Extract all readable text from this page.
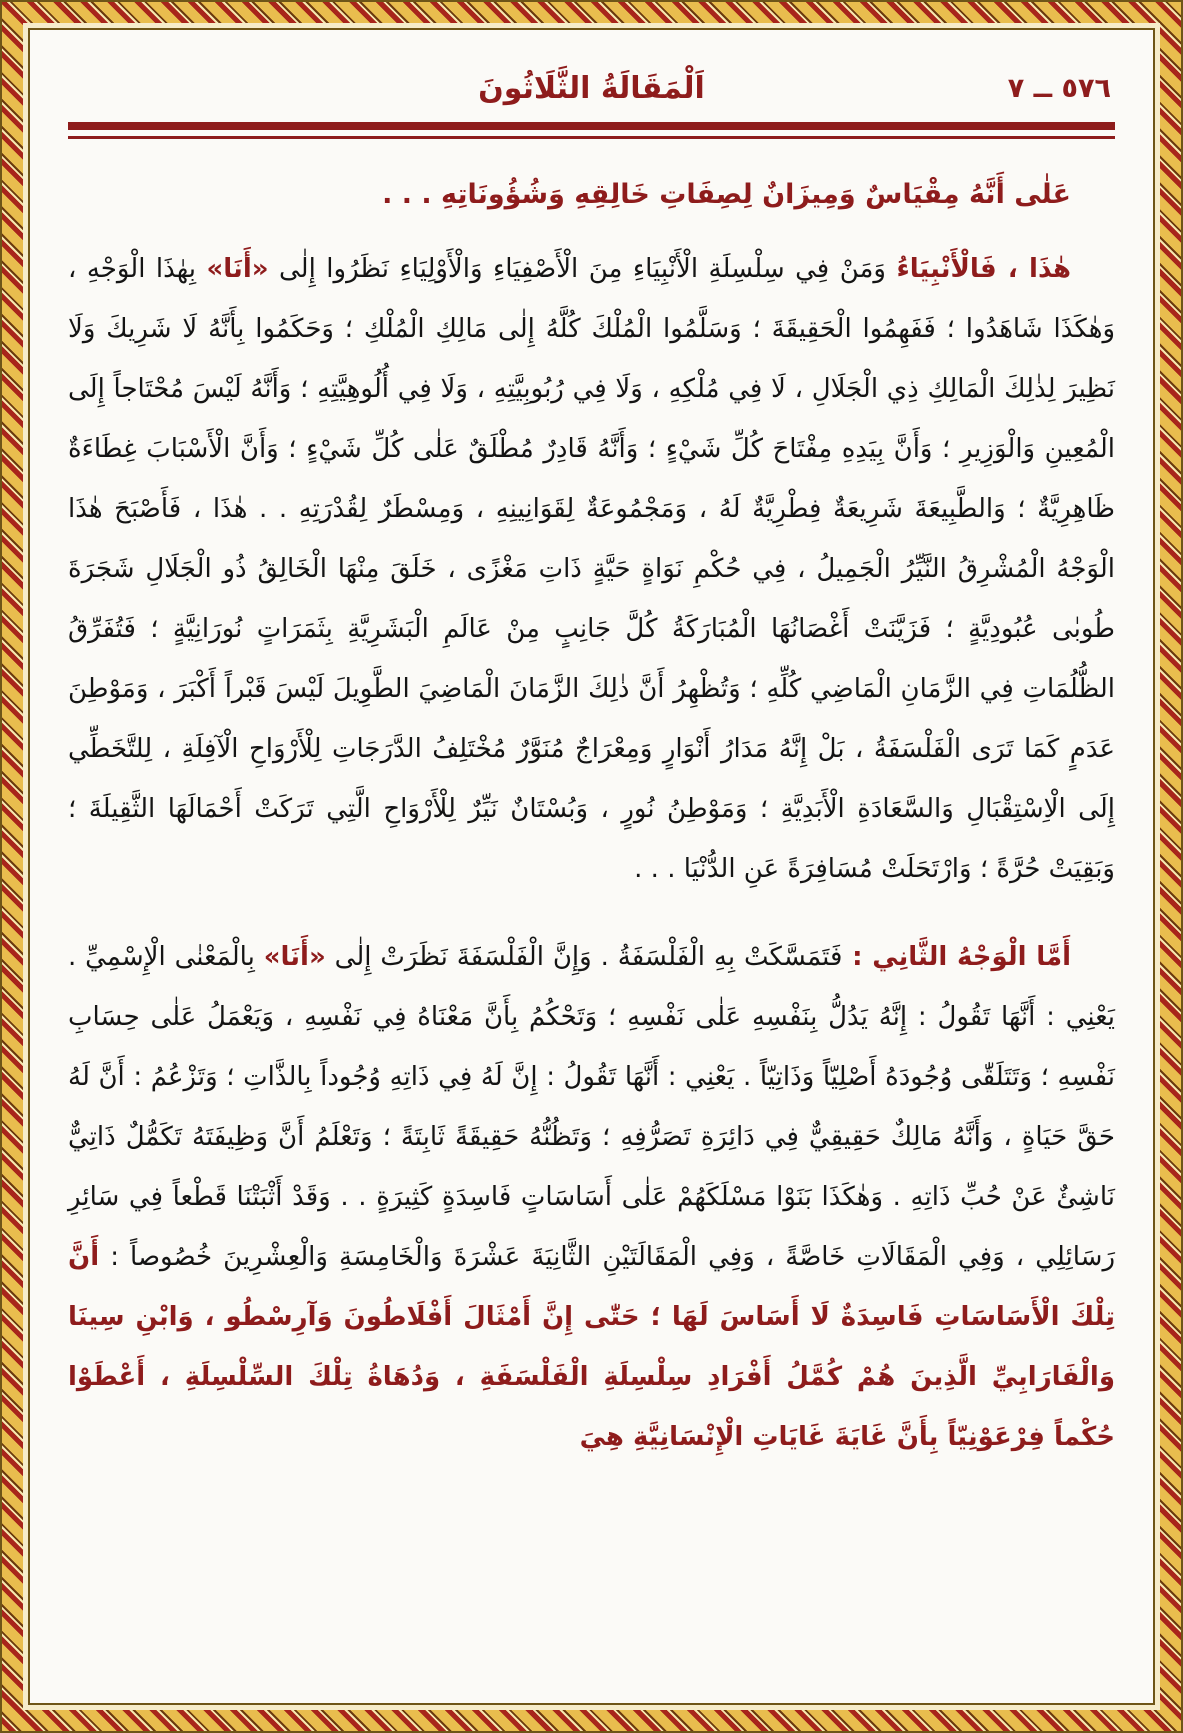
٥٧٦ ــ ٧
اَلْمَقَالَةُ الثَّلَاثُونَ

عَلٰى أَنَّهُ مِقْيَاسٌ وَمِيزَانٌ لِصِفَاتِ خَالِقِهِ وَشُؤُونَاتِهِ . . .

هٰذَا ، فَالْأَنْبِيَاءُ وَمَنْ فِي سِلْسِلَةِ الْأَنْبِيَاءِ مِنَ الْأَصْفِيَاءِ وَالْأَوْلِيَاءِ نَظَرُوا إِلٰى «أَنَا» بِهٰذَا الْوَجْهِ ، وَهٰكَذَا شَاهَدُوا ؛ فَفَهِمُوا الْحَقِيقَةَ ؛ وَسَلَّمُوا الْمُلْكَ كُلَّهُ إِلٰى مَالِكِ الْمُلْكِ ؛ وَحَكَمُوا بِأَنَّهُ لَا شَرِيكَ وَلَا نَظِيرَ لِذٰلِكَ الْمَالِكِ ذِي الْجَلَالِ ، لَا فِي مُلْكِهِ ، وَلَا فِي رُبُوبِيَّتِهِ ، وَلَا فِي أُلُوهِيَّتِهِ ؛ وَأَنَّهُ لَيْسَ مُحْتَاجاً إِلَى الْمُعِينِ وَالْوَزِيرِ ؛ وَأَنَّ بِيَدِهِ مِفْتَاحَ كُلِّ شَيْءٍ ؛ وَأَنَّهُ قَادِرٌ مُطْلَقٌ عَلٰى كُلِّ شَيْءٍ ؛ وَأَنَّ الْأَسْبَابَ غِطَاءَةٌ ظَاهِرِيَّةٌ ؛ وَالطَّبِيعَةَ شَرِيعَةٌ فِطْرِيَّةٌ لَهُ ، وَمَجْمُوعَةٌ لِقَوَانِينِهِ ، وَمِسْطَرٌ لِقُدْرَتِهِ . . هٰذَا ، فَأَصْبَحَ هٰذَا الْوَجْهُ الْمُشْرِقُ النَّيِّرُ الْجَمِيلُ ، فِي حُكْمِ نَوَاةٍ حَيَّةٍ ذَاتِ مَغْزًى ، خَلَقَ مِنْهَا الْخَالِقُ ذُو الْجَلَالِ شَجَرَةَ طُوبٰى عُبُودِيَّةٍ ؛ فَزَيَّنَتْ أَغْصَانُهَا الْمُبَارَكَةُ كُلَّ جَانِبٍ مِنْ عَالَمِ الْبَشَرِيَّةِ بِثَمَرَاتٍ نُورَانِيَّةٍ ؛ فَتُفَرِّقُ الظُّلُمَاتِ فِي الزَّمَانِ الْمَاضِي كُلِّهِ ؛ وَتُظْهِرُ أَنَّ ذٰلِكَ الزَّمَانَ الْمَاضِيَ الطَّوِيلَ لَيْسَ قَبْراً أَكْبَرَ ، وَمَوْطِنَ عَدَمٍ كَمَا تَرَى الْفَلْسَفَةُ ، بَلْ إِنَّهُ مَدَارُ أَنْوَارٍ وَمِعْرَاجٌ مُنَوَّرٌ مُخْتَلِفُ الدَّرَجَاتِ لِلْأَرْوَاحِ الْآفِلَةِ ، لِلتَّخَطِّي إِلَى الْاِسْتِقْبَالِ وَالسَّعَادَةِ الْأَبَدِيَّةِ ؛ وَمَوْطِنُ نُورٍ ، وَبُسْتَانٌ نَيِّرٌ لِلْأَرْوَاحِ الَّتِي تَرَكَتْ أَحْمَالَهَا الثَّقِيلَةَ ؛ وَبَقِيَتْ حُرَّةً ؛ وَارْتَحَلَتْ مُسَافِرَةً عَنِ الدُّنْيَا . . .

أَمَّا الْوَجْهُ الثَّانِي : فَتَمَسَّكَتْ بِهِ الْفَلْسَفَةُ . وَإِنَّ الْفَلْسَفَةَ نَظَرَتْ إِلٰى «أَنَا» بِالْمَعْنٰى الْإِسْمِيِّ . يَعْنِي : أَنَّهَا تَقُولُ : إِنَّهُ يَدُلُّ بِنَفْسِهِ عَلٰى نَفْسِهِ ؛ وَتَحْكُمُ بِأَنَّ مَعْنَاهُ فِي نَفْسِهِ ، وَيَعْمَلُ عَلٰى حِسَابِ نَفْسِهِ ؛ وَتَتَلَقّٰى وُجُودَهُ أَصْلِيّاً وَذَاتِيّاً . يَعْنِي : أَنَّهَا تَقُولُ : إِنَّ لَهُ فِي ذَاتِهِ وُجُوداً بِالذَّاتِ ؛ وَتَزْعُمُ : أَنَّ لَهُ حَقَّ حَيَاةٍ ، وَأَنَّهُ مَالِكٌ حَقِيقِيٌّ فِي دَائِرَةِ تَصَرُّفِهِ ؛ وَتَظُنُّهُ حَقِيقَةً ثَابِتَةً ؛ وَتَعْلَمُ أَنَّ وَظِيفَتَهُ تَكَمُّلٌ ذَاتِيٌّ نَاشِئٌ عَنْ حُبِّ ذَاتِهِ . وَهٰكَذَا بَنَوْا مَسْلَكَهُمْ عَلٰى أَسَاسَاتٍ فَاسِدَةٍ كَثِيرَةٍ . . وَقَدْ أَثْبَتْنَا قَطْعاً فِي سَائِرِ رَسَائِلِي ، وَفِي الْمَقَالَاتِ خَاصَّةً ، وَفِي الْمَقَالَتَيْنِ الثَّانِيَةَ عَشْرَةَ وَالْخَامِسَةِ وَالْعِشْرِينَ خُصُوصاً : أَنَّ تِلْكَ الْأَسَاسَاتِ فَاسِدَةٌ لَا أَسَاسَ لَهَا ؛ حَتّٰى إِنَّ أَمْثَالَ أَفْلَاطُونَ وَآرِسْطُو ، وَابْنِ سِينَا وَالْفَارَابِيِّ الَّذِينَ هُمْ كُمَّلُ أَفْرَادِ سِلْسِلَةِ الْفَلْسَفَةِ ، وَدُهَاةُ تِلْكَ السِّلْسِلَةِ ، أَعْطَوْا حُكْماً فِرْعَوْنِيّاً بِأَنَّ غَايَةَ غَايَاتِ الْإِنْسَانِيَّةِ هِيَ
